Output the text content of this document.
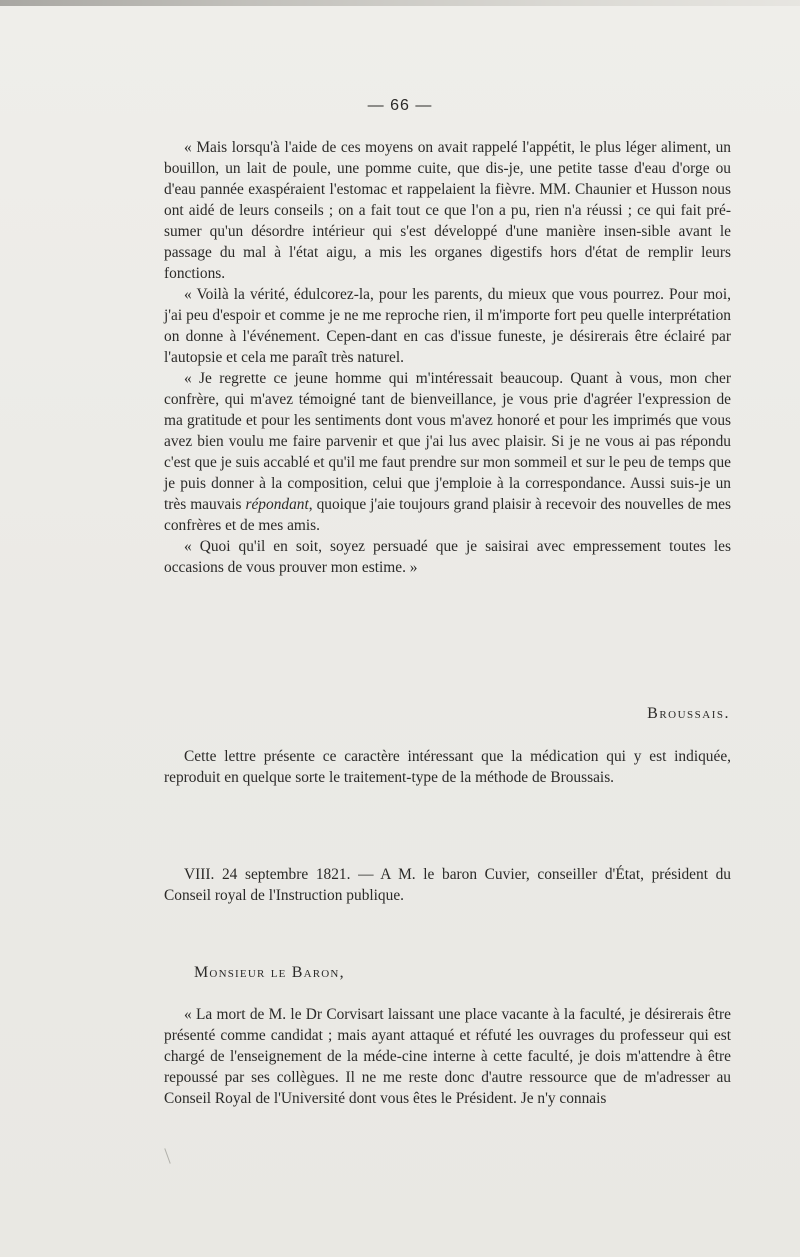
— 66 —

« Mais lorsqu'à l'aide de ces moyens on avait rappelé l'appétit, le plus léger aliment, un bouillon, un lait de poule, une pomme cuite, que dis-je, une petite tasse d'eau d'orge ou d'eau pannée exaspéraient l'estomac et rappelaient la fièvre. MM. Chaunier et Husson nous ont aidé de leurs conseils ; on a fait tout ce que l'on a pu, rien n'a réussi ; ce qui fait pré-sumer qu'un désordre intérieur qui s'est développé d'une manière insen-sible avant le passage du mal à l'état aigu, a mis les organes digestifs hors d'état de remplir leurs fonctions.

« Voilà la vérité, édulcorez-la, pour les parents, du mieux que vous pourrez. Pour moi, j'ai peu d'espoir et comme je ne me reproche rien, il m'importe fort peu quelle interprétation on donne à l'événement. Cepen-dant en cas d'issue funeste, je désirerais être éclairé par l'autopsie et cela me paraît très naturel.

« Je regrette ce jeune homme qui m'intéressait beaucoup. Quant à vous, mon cher confrère, qui m'avez témoigné tant de bienveillance, je vous prie d'agréer l'expression de ma gratitude et pour les sentiments dont vous m'avez honoré et pour les imprimés que vous avez bien voulu me faire parvenir et que j'ai lus avec plaisir. Si je ne vous ai pas répondu c'est que je suis accablé et qu'il me faut prendre sur mon sommeil et sur le peu de temps que je puis donner à la composition, celui que j'emploie à la correspondance. Aussi suis-je un très mauvais répondant, quoique j'aie toujours grand plaisir à recevoir des nouvelles de mes confrères et de mes amis.

« Quoi qu'il en soit, soyez persuadé que je saisirai avec empressement toutes les occasions de vous prouver mon estime. »

Broussais.

Cette lettre présente ce caractère intéressant que la médication qui y est indiquée, reproduit en quelque sorte le traitement-type de la méthode de Broussais.

VIII. 24 septembre 1821. — A M. le baron Cuvier, conseiller d'État, président du Conseil royal de l'Instruction publique.

Monsieur le Baron,

« La mort de M. le Dr Corvisart laissant une place vacante à la faculté, je désirerais être présenté comme candidat ; mais ayant attaqué et réfuté les ouvrages du professeur qui est chargé de l'enseignement de la méde-cine interne à cette faculté, je dois m'attendre à être repoussé par ses collègues. Il ne me reste donc d'autre ressource que de m'adresser au Conseil Royal de l'Université dont vous êtes le Président. Je n'y connais
